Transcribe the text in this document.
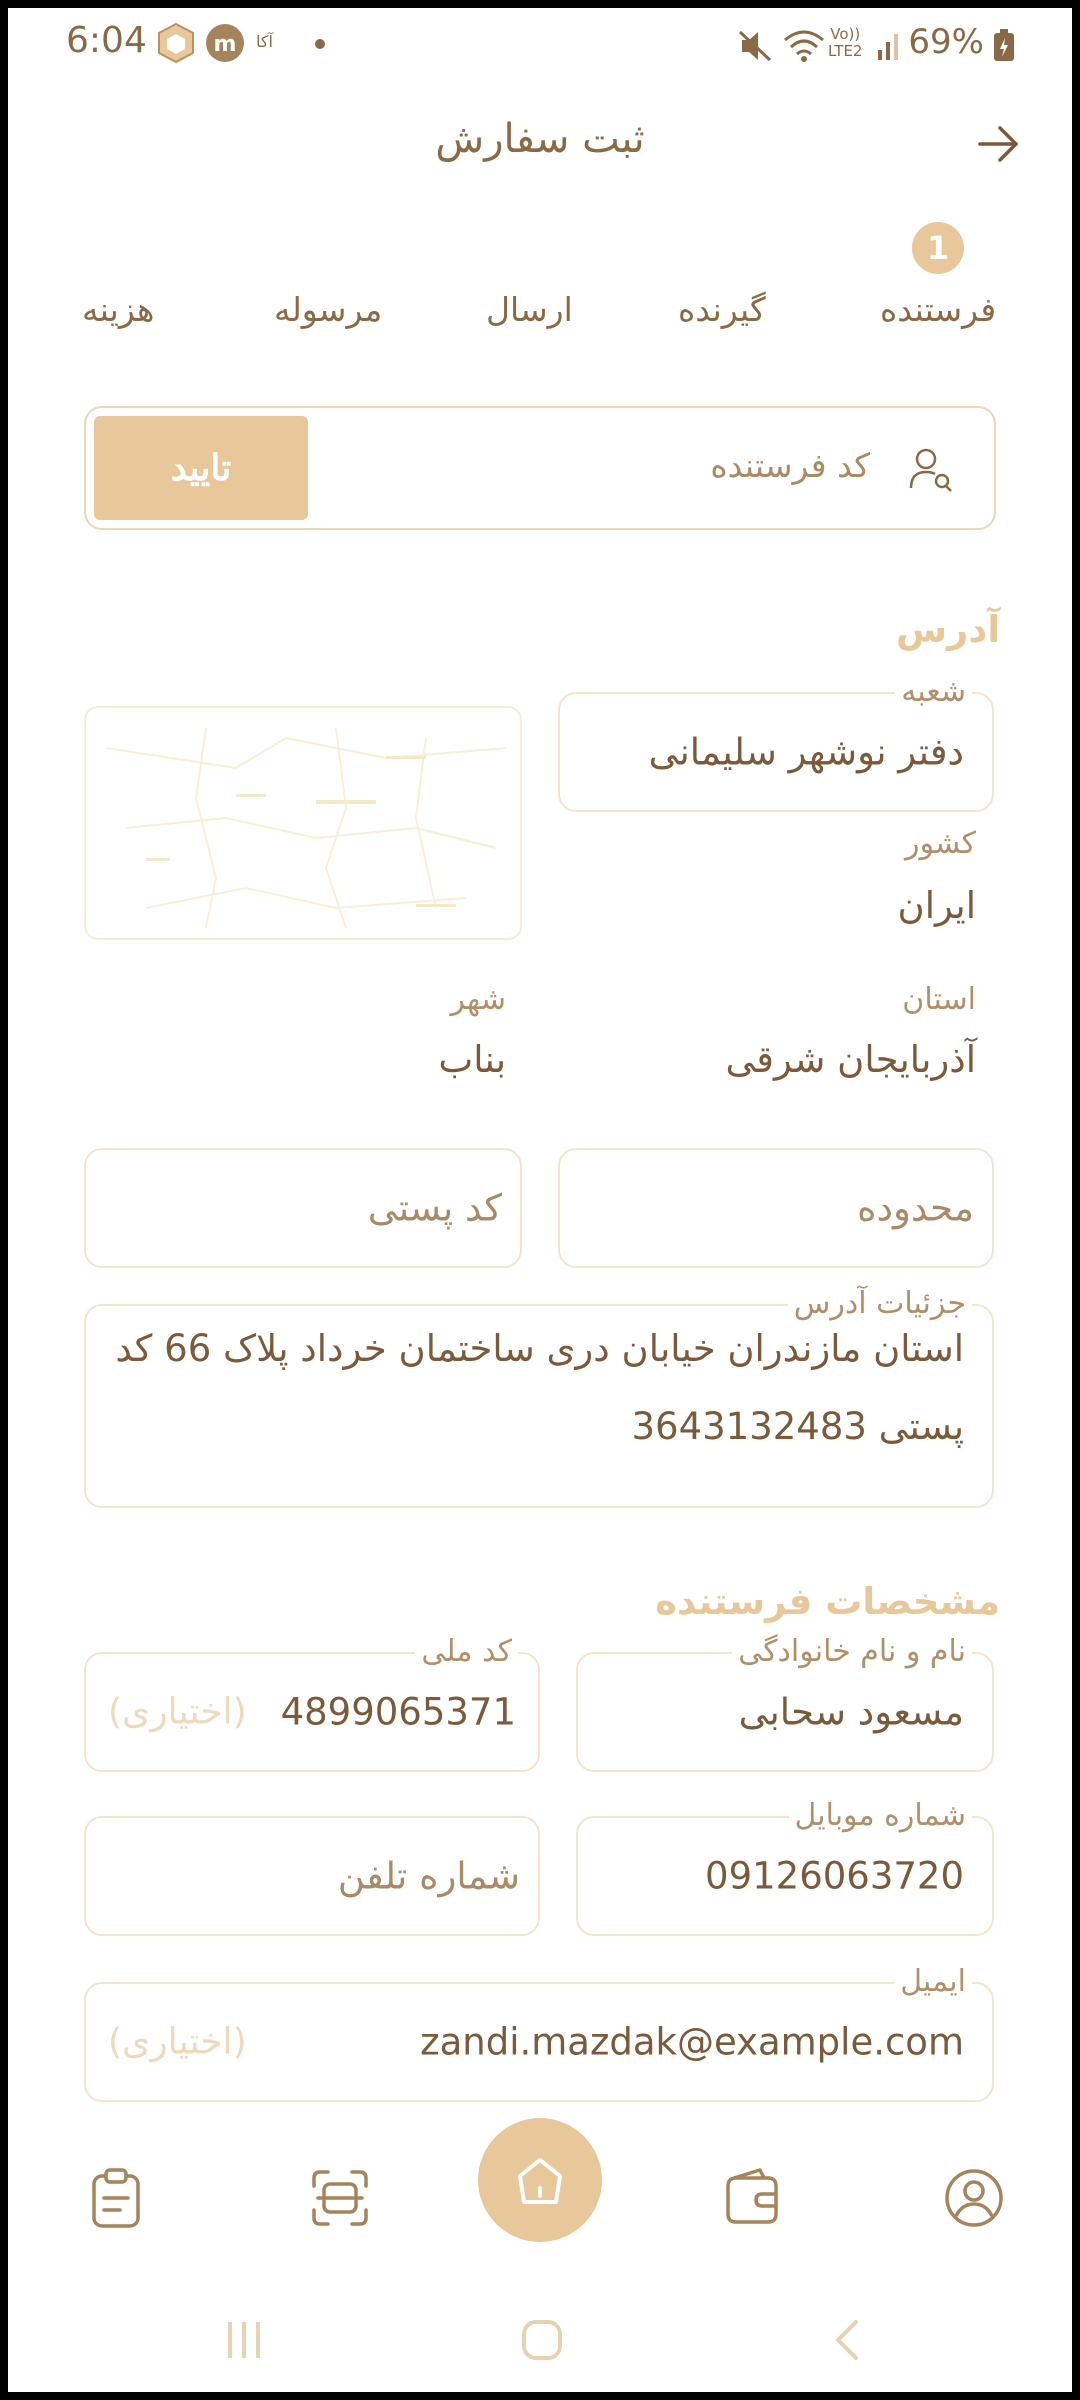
6:04	m آکا	Vo))
LTE2 69%
ثبت سفارش
1
فرستنده
گیرنده
ارسال
مرسوله
هزینه
کد فرستنده
تایید
آدرس
شعبه
دفتر نوشهر سلیمانی
کشور
ایران
استان
آذربایجان شرقی
شهر
بناب
محدوده
کد پستی
جزئیات آدرس
استان مازندران خیابان دری ساختمان خرداد پلاک 66 کد پستی 3643132483
مشخصات فرستنده
نام و نام خانوادگی
مسعود سحابی
کد ملی
4899065371
(اختیاری)
شماره موبایل
09126063720
شماره تلفن
ایمیل
zandi.mazdak@example.com
(اختیاری)
